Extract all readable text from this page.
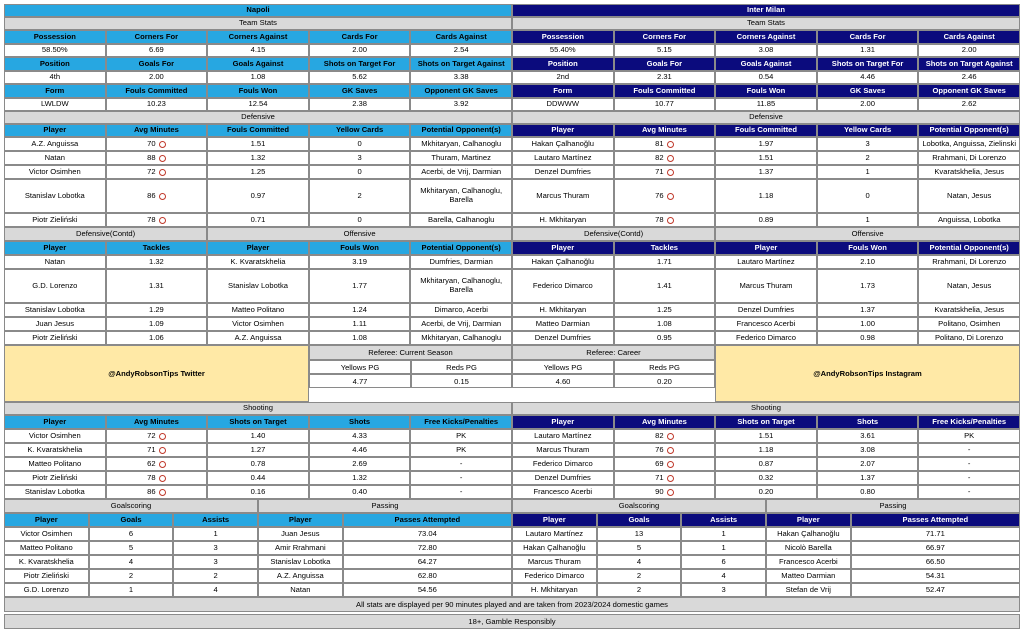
Napoli
Team Stats
Possession	Corners For	Corners Against	Cards For	Cards Against
58.50%	6.69	4.15	2.00	2.54
Position	Goals For	Goals Against	Shots on Target For	Shots on Target Against
4th	2.00	1.08	5.62	3.38
Form	Fouls Committed	Fouls Won	GK Saves	Opponent GK Saves
LWLDW	10.23	12.54	2.38	3.92
Defensive
Player	Avg Minutes	Fouls Committed	Yellow Cards	Potential Opponent(s)
A.Z. Anguissa	70	1.51	0	Mkhitaryan, Calhanoglu
Natan	88	1.32	3	Thuram, Martinez
Victor Osimhen	72	1.25	0	Acerbi, de Vrij, Darmian
Stanislav Lobotka	86	0.97	2	Mkhitaryan, Calhanoglu, Barella
Piotr Zieliński	78	0.71	0	Barella, Calhanoglu
Defensive(Contd)	Offensive
Player	Tackles	Player	Fouls Won	Potential Opponent(s)
Natan	1.32	K. Kvaratskhelia	3.19	Dumfries, Darmian
G.D. Lorenzo	1.31	Stanislav Lobotka	1.77	Mkhitaryan, Calhanoglu, Barella
Stanislav Lobotka	1.29	Matteo Politano	1.24	Dimarco, Acerbi
Juan Jesus	1.09	Victor Osimhen	1.11	Acerbi, de Vrij, Darmian
Piotr Zieliński	1.06	A.Z. Anguissa	1.08	Mkhitaryan, Calhanoglu
Shooting
Player	Avg Minutes	Shots on Target	Shots	Free Kicks/Penalties
Victor Osimhen	72	1.40	4.33	PK
K. Kvaratskhelia	71	1.27	4.46	PK
Matteo Politano	62	0.78	2.69	-
Piotr Zieliński	78	0.44	1.32	-
Stanislav Lobotka	86	0.16	0.40	-
Goalscoring	Passing
Player	Goals	Assists	Player	Passes Attempted
Victor Osimhen	6	1	Juan Jesus	73.04
Matteo Politano	5	3	Amir Rrahmani	72.80
K. Kvaratskhelia	4	3	Stanislav Lobotka	64.27
Piotr Zieliński	2	2	A.Z. Anguissa	62.80
G.D. Lorenzo	1	4	Natan	54.56
Inter Milan
Team Stats
Possession	Corners For	Corners Against	Cards For	Cards Against
55.40%	5.15	3.08	1.31	2.00
Position	Goals For	Goals Against	Shots on Target For	Shots on Target Against
2nd	2.31	0.54	4.46	2.46
Form	Fouls Committed	Fouls Won	GK Saves	Opponent GK Saves
DDWWW	10.77	11.85	2.00	2.62
Defensive
Player	Avg Minutes	Fouls Committed	Yellow Cards	Potential Opponent(s)
Hakan Çalhanoğlu	81	1.97	3	Lobotka, Anguissa, Zielinski
Lautaro Martínez	82	1.51	2	Rrahmani, Di Lorenzo
Denzel Dumfries	71	1.37	1	Kvaratskhelia, Jesus
Marcus Thuram	76	1.18	0	Natan, Jesus
H. Mkhitaryan	78	0.89	1	Anguissa, Lobotka
Defensive(Contd)	Offensive
Player	Tackles	Player	Fouls Won	Potential Opponent(s)
Hakan Çalhanoğlu	1.71	Lautaro Martínez	2.10	Rrahmani, Di Lorenzo
Federico Dimarco	1.41	Marcus Thuram	1.73	Natan, Jesus
H. Mkhitaryan	1.25	Denzel Dumfries	1.37	Kvaratskhelia, Jesus
Matteo Darmian	1.08	Francesco Acerbi	1.00	Politano, Osimhen
Denzel Dumfries	0.95	Federico Dimarco	0.98	Politano, Di Lorenzo
Shooting
Player	Avg Minutes	Shots on Target	Shots	Free Kicks/Penalties
Lautaro Martínez	82	1.51	3.61	PK
Marcus Thuram	76	1.18	3.08	-
Federico Dimarco	69	0.87	2.07	-
Denzel Dumfries	71	0.32	1.37	-
Francesco Acerbi	90	0.20	0.80	-
Goalscoring	Passing
Player	Goals	Assists	Player	Passes Attempted
Lautaro Martínez	13	1	Hakan Çalhanoğlu	71.71
Hakan Çalhanoğlu	5	1	Nicolò Barella	66.97
Marcus Thuram	4	6	Francesco Acerbi	66.50
Federico Dimarco	2	4	Matteo Darmian	54.31
H. Mkhitaryan	2	3	Stefan de Vrij	52.47
@AndyRobsonTips Twitter	@AndyRobsonTips Instagram
Referee: Current Season	Referee: Career
Yellows PG	Reds PG	Yellows PG	Reds PG
4.77	0.15	4.60	0.20
All stats are displayed per 90 minutes played and are taken from 2023/2024 domestic games
18+, Gamble Responsibly
